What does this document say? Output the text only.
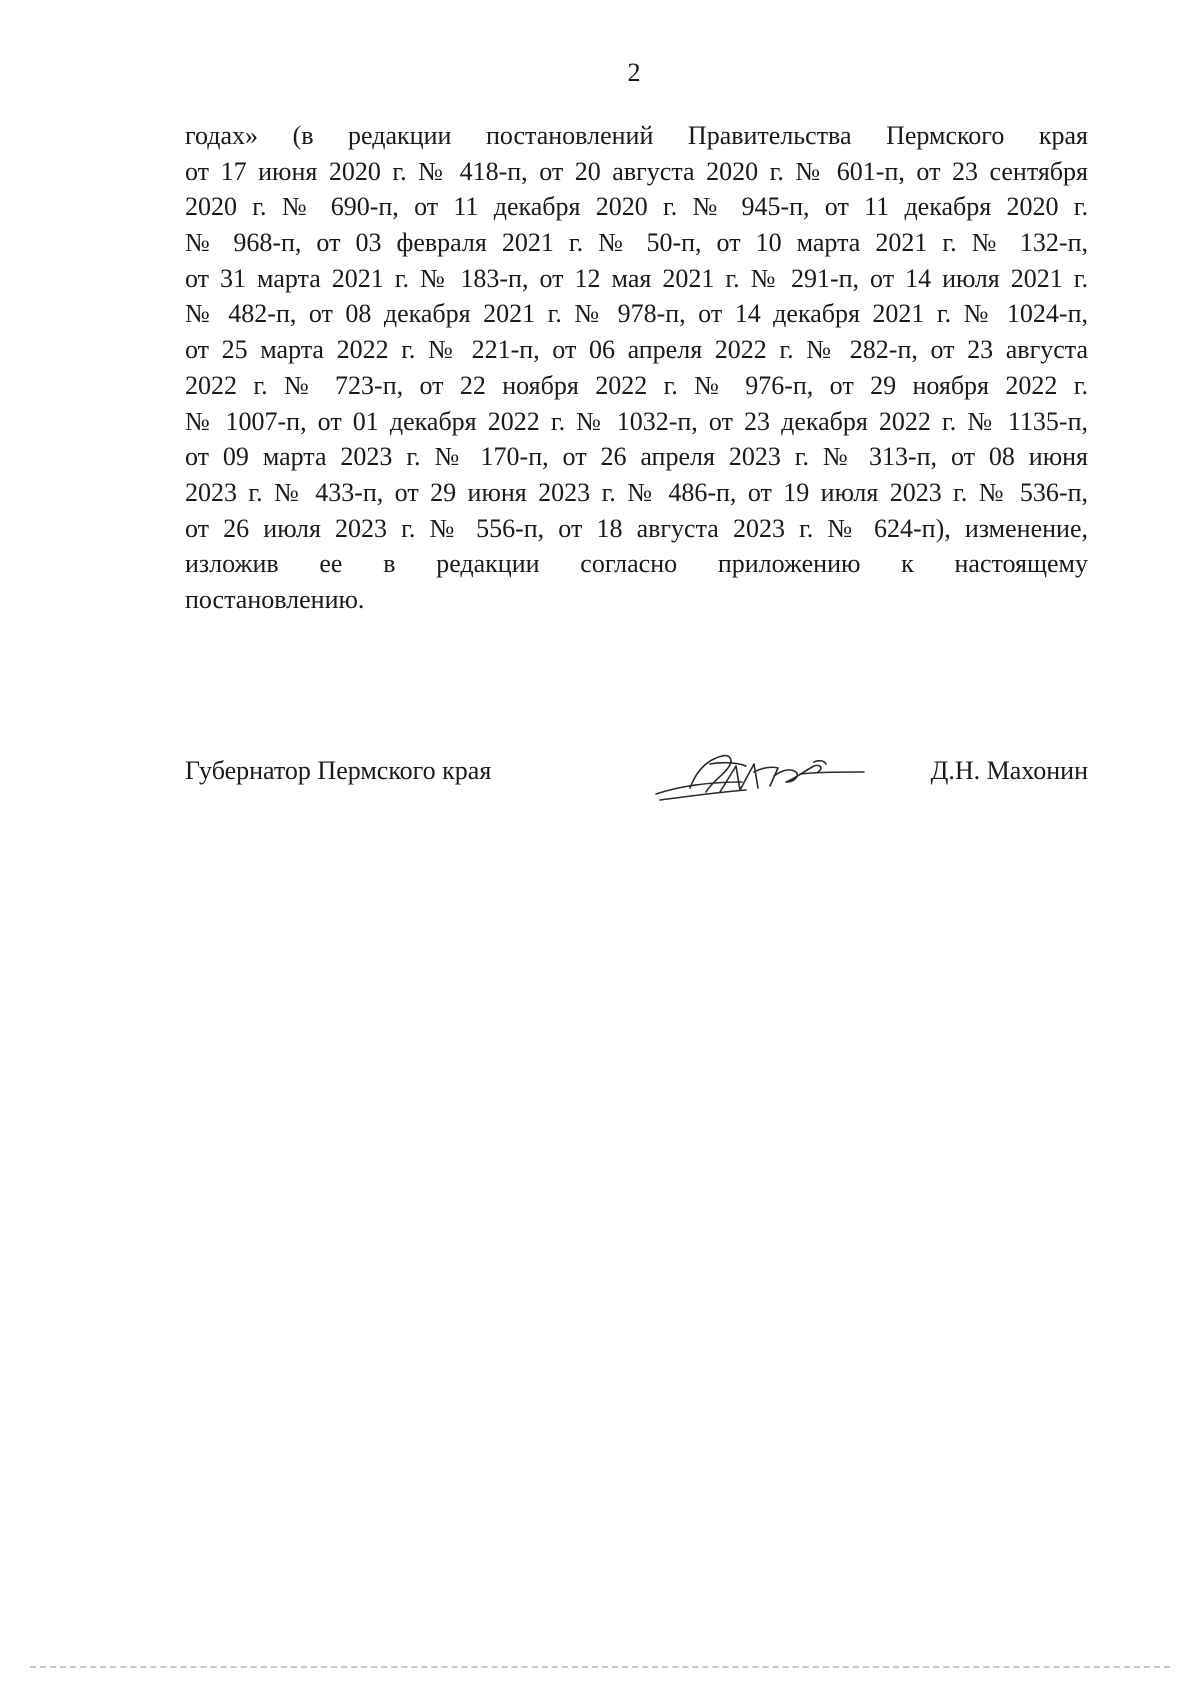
2
годах» (в редакции постановлений Правительства Пермского края
от 17 июня 2020 г. № 418-п, от 20 августа 2020 г. № 601-п, от 23 сентября
2020 г. № 690-п, от 11 декабря 2020 г. № 945-п, от 11 декабря 2020 г.
№ 968-п, от 03 февраля 2021 г. № 50-п, от 10 марта 2021 г. № 132-п,
от 31 марта 2021 г. № 183-п, от 12 мая 2021 г. № 291-п, от 14 июля 2021 г.
№ 482-п, от 08 декабря 2021 г. № 978-п, от 14 декабря 2021 г. № 1024-п,
от 25 марта 2022 г. № 221-п, от 06 апреля 2022 г. № 282-п, от 23 августа
2022 г. № 723-п, от 22 ноября 2022 г. № 976-п, от 29 ноября 2022 г.
№ 1007-п, от 01 декабря 2022 г. № 1032-п, от 23 декабря 2022 г. № 1135-п,
от 09 марта 2023 г. № 170-п, от 26 апреля 2023 г. № 313-п, от 08 июня
2023 г. № 433-п, от 29 июня 2023 г. № 486-п, от 19 июля 2023 г. № 536-п,
от 26 июля 2023 г. № 556-п, от 18 августа 2023 г. № 624-п), изменение,
изложив ее в редакции согласно приложению к настоящему
постановлению.
Губернатор Пермского края	Д.Н. Махонин
